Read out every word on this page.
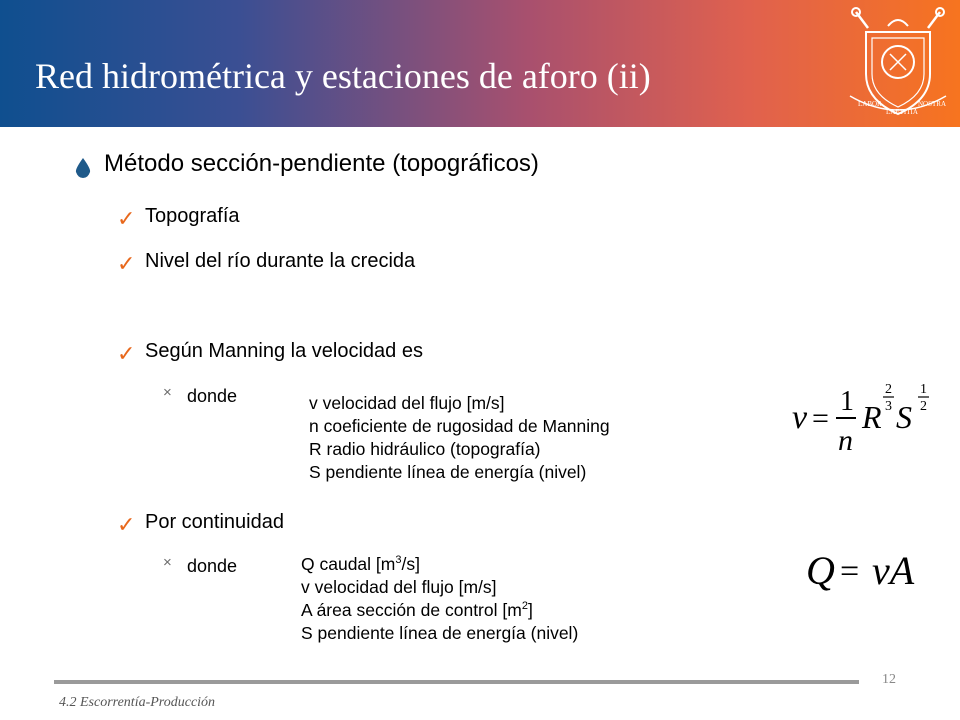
Red hidrométrica y estaciones de aforo (ii)
LABOR
LAETITIA
NOSTRA
Método sección-pendiente (topográficos)
✓ Topografía
✓ Nivel del río durante la crecida
✓ Según Manning la velocidad es
× donde	v velocidad del flujo [m/s]
n coeficiente de rugosidad de Manning
R radio hidráulico (topografía)
S pendiente línea de energía (nivel)
v =
1
n
R
2
3 S
1
2
✓ Por continuidad
× donde	Q caudal $[m^3/s]$
v velocidad del flujo [m/s]
A área sección de control $[m^2]$
S pendiente línea de energía (nivel)
Q = vA
12
4.2 Escorrentía-Producción
